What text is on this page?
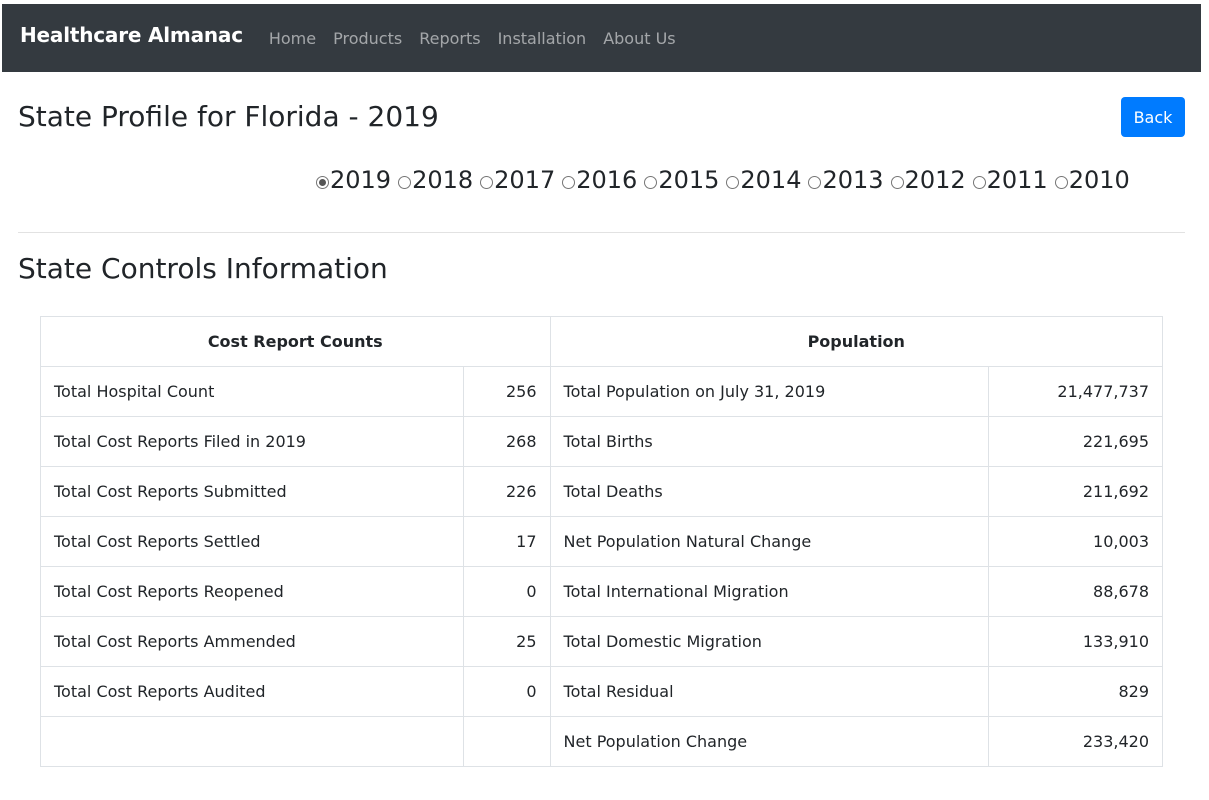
Healthcare Almanac Home Products Reports Installation About Us
State Profile for Florida - 2019	Back
2019 2018 2017 2016 2015 2014 2013 2012 2011 2010
State Controls Information
Cost Report Counts		Population	
Total Hospital Count	256	Total Population on July 31, 2019	21,477,737
Total Cost Reports Filed in 2019	268	Total Births	221,695
Total Cost Reports Submitted	226	Total Deaths	211,692
Total Cost Reports Settled	17	Net Population Natural Change	10,003
Total Cost Reports Reopened	0	Total International Migration	88,678
Total Cost Reports Ammended	25	Total Domestic Migration	133,910
Total Cost Reports Audited	0	Total Residual	829
		Net Population Change	233,420
